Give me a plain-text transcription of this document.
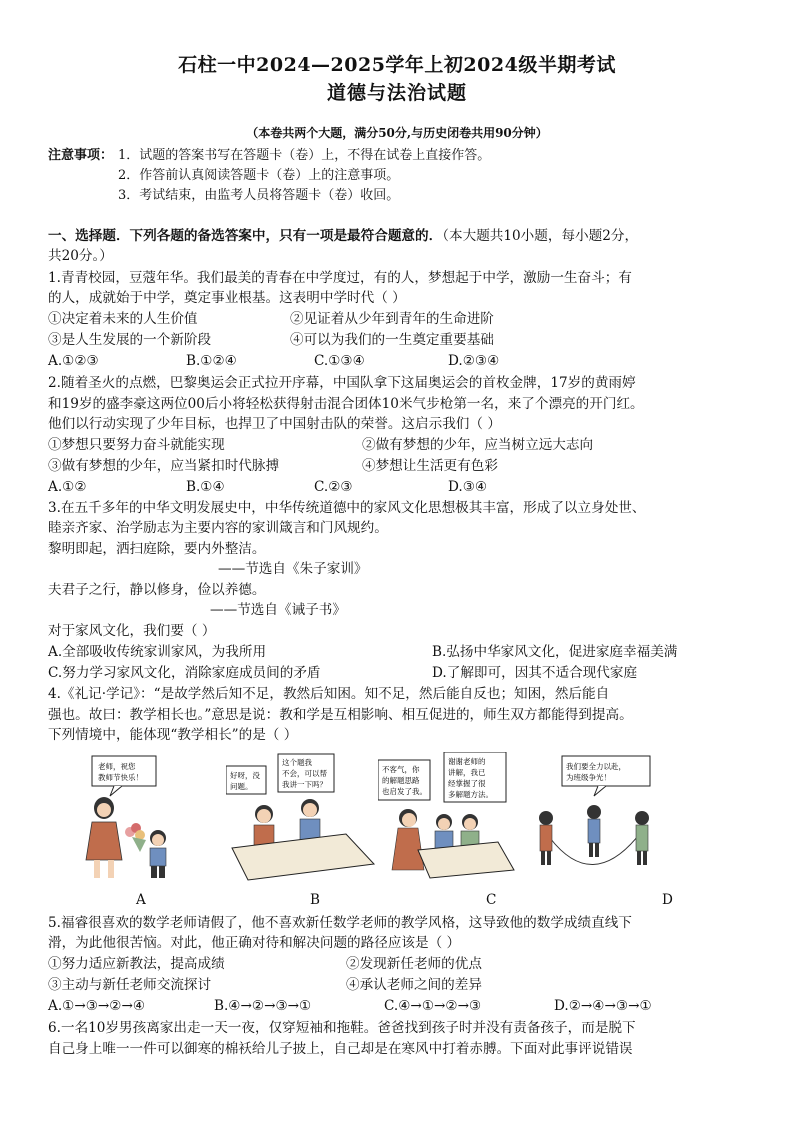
石柱一中2024—2025学年上初2024级半期考试
道德与法治试题
（本卷共两个大题，满分50分,与历史闭卷共用90分钟）
注意事项： 1．试题的答案书写在答题卡（卷）上，不得在试卷上直接作答。
2．作答前认真阅读答题卡（卷）上的注意事项。
3．考试结束，由监考人员将答题卡（卷）收回。
一、选择题．下列各题的备选答案中，只有一项是最符合题意的．（本大题共10小题，每小题2分，
共20分。）
1.青青校园，豆蔻年华。我们最美的青春在中学度过，有的人，梦想起于中学，激励一生奋斗；有
的人，成就始于中学，奠定事业根基。这表明中学时代（ ）
①决定着未来的人生价值	②见证着从少年到青年的生命进阶
③是人生发展的一个新阶段	④可以为我们的一生奠定重要基础
A.①②③	B.①②④	C.①③④	D.②③④
2.随着圣火的点燃，巴黎奥运会正式拉开序幕，中国队拿下这届奥运会的首枚金牌，17岁的黄雨婷
和19岁的盛李豪这两位00后小将轻松获得射击混合团体10米气步枪第一名，来了个漂亮的开门红。
他们以行动实现了少年目标，也捍卫了中国射击队的荣誉。这启示我们（ ）
①梦想只要努力奋斗就能实现	②做有梦想的少年，应当树立远大志向
③做有梦想的少年，应当紧扣时代脉搏	④梦想让生活更有色彩
A.①②	B.①④	C.②③	D.③④
3.在五千多年的中华文明发展史中，中华传统道德中的家风文化思想极其丰富，形成了以立身处世、
睦亲齐家、治学励志为主要内容的家训箴言和门风规约。
黎明即起，洒扫庭除，要内外整洁。
——节选自《朱子家训》
夫君子之行，静以修身，俭以养德。
——节选自《诫子书》
对于家风文化，我们要（ ）
A.全部吸收传统家训家风，为我所用	B.弘扬中华家风文化，促进家庭幸福美满
C.努力学习家风文化，消除家庭成员间的矛盾	D.了解即可，因其不适合现代家庭
4.《礼记·学记》：“是故学然后知不足，教然后知困。知不足，然后能自反也；知困，然后能自
强也。故曰：教学相长也。”意思是说：教和学是互相影响、相互促进的，师生双方都能得到提高。
下列情境中，能体现“教学相长”的是（ ）
老师，祝您
教师节快乐！	好呀，没
问题。
这个题我
不会，可以帮
我讲一下吗？
不客气，你
的解题思路
也启发了我。
谢谢老师的
讲解，我已
经掌握了很
多解题方法。
我们要全力以赴，
为班级争光！
A	B	C	D
5.福睿很喜欢的数学老师请假了，他不喜欢新任数学老师的教学风格，这导致他的数学成绩直线下
滑，为此他很苦恼。对此，他正确对待和解决问题的路径应该是（ ）
①努力适应新教法，提高成绩	②发现新任老师的优点
③主动与新任老师交流探讨	④承认老师之间的差异
A.①→③→②→④	B.④→②→③→①	C.④→①→②→③	D.②→④→③→①
6.一名10岁男孩离家出走一天一夜，仅穿短袖和拖鞋。爸爸找到孩子时并没有责备孩子，而是脱下
自己身上唯一一件可以御寒的棉袄给儿子披上，自己却是在寒风中打着赤膊。下面对此事评说错误
